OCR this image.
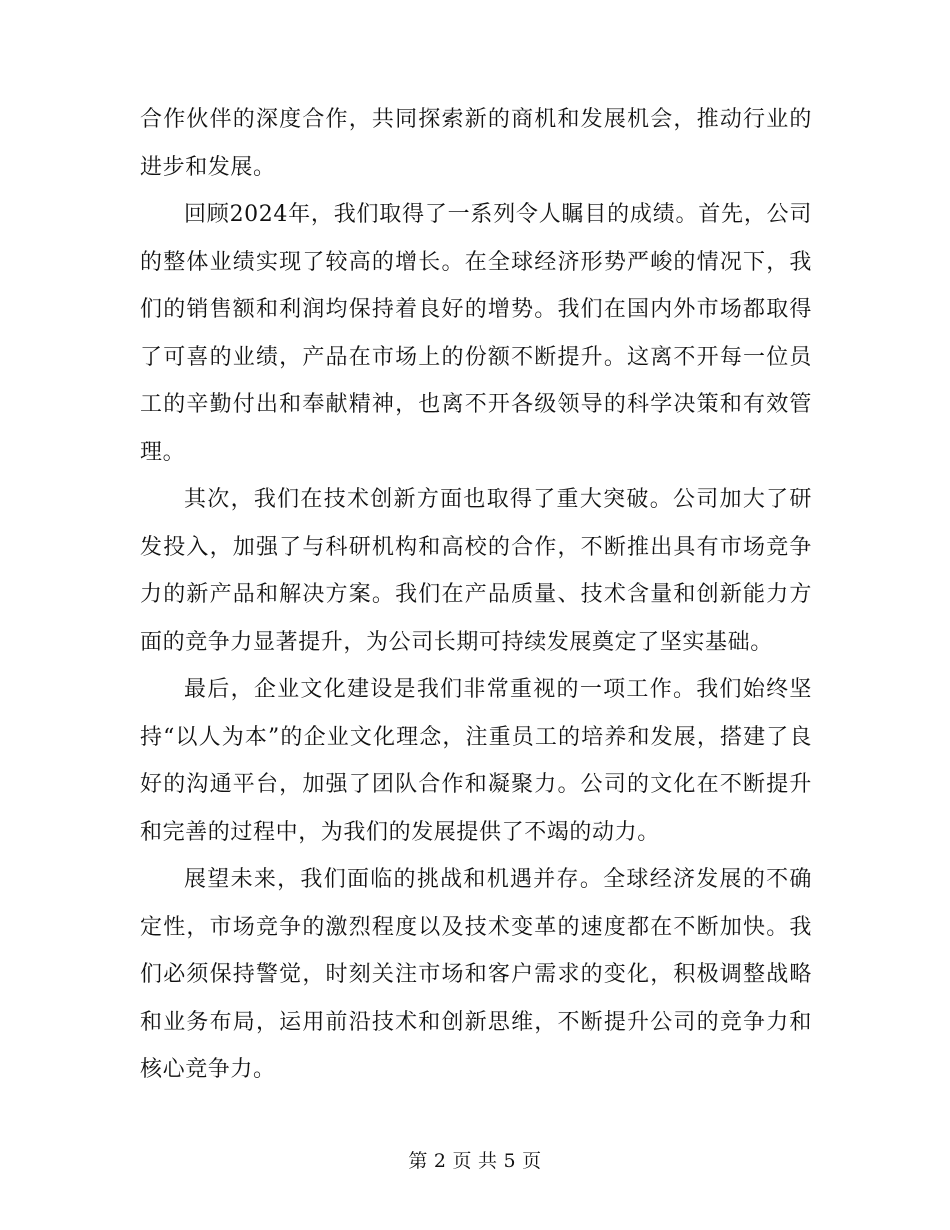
合作伙伴的深度合作，共同探索新的商机和发展机会，推动行业的进步和发展。

回顾2024年，我们取得了一系列令人瞩目的成绩。首先，公司的整体业绩实现了较高的增长。在全球经济形势严峻的情况下，我们的销售额和利润均保持着良好的增势。我们在国内外市场都取得了可喜的业绩，产品在市场上的份额不断提升。这离不开每一位员工的辛勤付出和奉献精神，也离不开各级领导的科学决策和有效管理。

其次，我们在技术创新方面也取得了重大突破。公司加大了研发投入，加强了与科研机构和高校的合作，不断推出具有市场竞争力的新产品和解决方案。我们在产品质量、技术含量和创新能力方面的竞争力显著提升，为公司长期可持续发展奠定了坚实基础。

最后，企业文化建设是我们非常重视的一项工作。我们始终坚持“以人为本”的企业文化理念，注重员工的培养和发展，搭建了良好的沟通平台，加强了团队合作和凝聚力。公司的文化在不断提升和完善的过程中，为我们的发展提供了不竭的动力。

展望未来，我们面临的挑战和机遇并存。全球经济发展的不确定性，市场竞争的激烈程度以及技术变革的速度都在不断加快。我们必须保持警觉，时刻关注市场和客户需求的变化，积极调整战略和业务布局，运用前沿技术和创新思维，不断提升公司的竞争力和核心竞争力。

第 2 页 共 5 页
